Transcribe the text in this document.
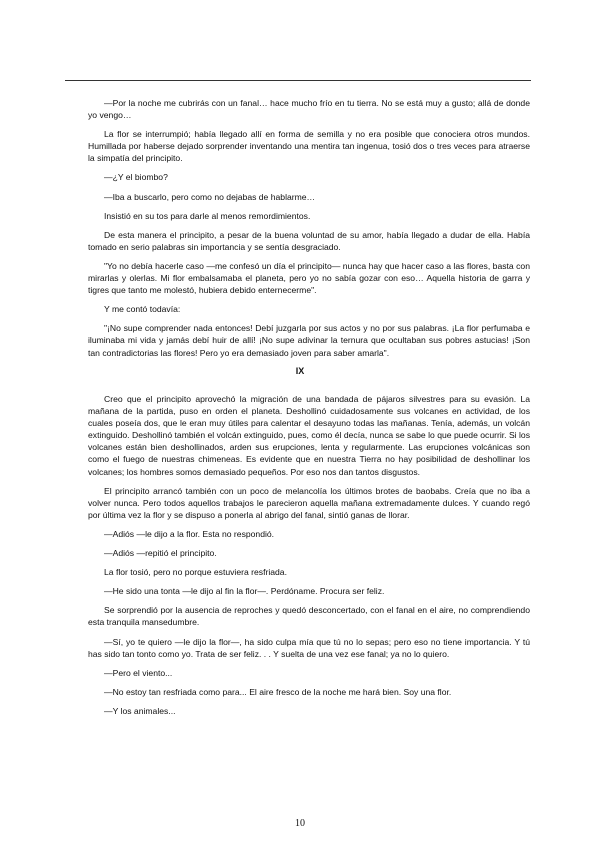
—Por la noche me cubrirás con un fanal… hace mucho frío en tu tierra. No se está muy a gusto; allá de donde yo vengo…

La flor se interrumpió; había llegado allí en forma de semilla y no era posible que conociera otros mundos. Humillada por haberse dejado sorprender inventando una mentira tan ingenua, tosió dos o tres veces para atraerse la simpatía del principito.

—¿Y el biombo?

—Iba a buscarlo, pero como no dejabas de hablarme…

Insistió en su tos para darle al menos remordimientos.

De esta manera el principito, a pesar de la buena voluntad de su amor, había llegado a dudar de ella. Había tomado en serio palabras sin importancia y se sentía desgraciado.

"Yo no debía hacerle caso —me confesó un día el principito— nunca hay que hacer caso a las flores, basta con mirarlas y olerlas. Mi flor embalsamaba el planeta, pero yo no sabía gozar con eso… Aquella historia de garra y tigres que tanto me molestó, hubiera debido enternecerme".

Y me contó todavía:

"¡No supe comprender nada entonces! Debí juzgarla por sus actos y no por sus palabras. ¡La flor perfumaba e iluminaba mi vida y jamás debí huir de allí! ¡No supe adivinar la ternura que ocultaban sus pobres astucias! ¡Son tan contradictorias las flores! Pero yo era demasiado joven para saber amarla".

IX

Creo que el principito aprovechó la migración de una bandada de pájaros silvestres para su evasión. La mañana de la partida, puso en orden el planeta. Deshollinó cuidadosamente sus volcanes en actividad, de los cuales poseía dos, que le eran muy útiles para calentar el desayuno todas las mañanas. Tenía, además, un volcán extinguido. Deshollinó también el volcán extinguido, pues, como él decía, nunca se sabe lo que puede ocurrir. Si los volcanes están bien deshollinados, arden sus erupciones, lenta y regularmente. Las erupciones volcánicas son como el fuego de nuestras chimeneas. Es evidente que en nuestra Tierra no hay posibilidad de deshollinar los volcanes; los hombres somos demasiado pequeños. Por eso nos dan tantos disgustos.

El principito arrancó también con un poco de melancolía los últimos brotes de baobabs. Creía que no iba a volver nunca. Pero todos aquellos trabajos le parecieron aquella mañana extremadamente dulces. Y cuando regó por última vez la flor y se dispuso a ponerla al abrigo del fanal, sintió ganas de llorar.

—Adiós —le dijo a la flor. Esta no respondió.

—Adiós —repitió el principito.

La flor tosió, pero no porque estuviera resfriada.

—He sido una tonta —le dijo al fin la flor—. Perdóname. Procura ser feliz.

Se sorprendió por la ausencia de reproches y quedó desconcertado, con el fanal en el aire, no comprendiendo esta tranquila mansedumbre.

—Sí, yo te quiero —le dijo la flor—, ha sido culpa mía que tú no lo sepas; pero eso no tiene importancia. Y tú has sido tan tonto como yo. Trata de ser feliz. . . Y suelta de una vez ese fanal; ya no lo quiero.

—Pero el viento...

—No estoy tan resfriada como para... El aire fresco de la noche me hará bien. Soy una flor.

—Y los animales...

10
